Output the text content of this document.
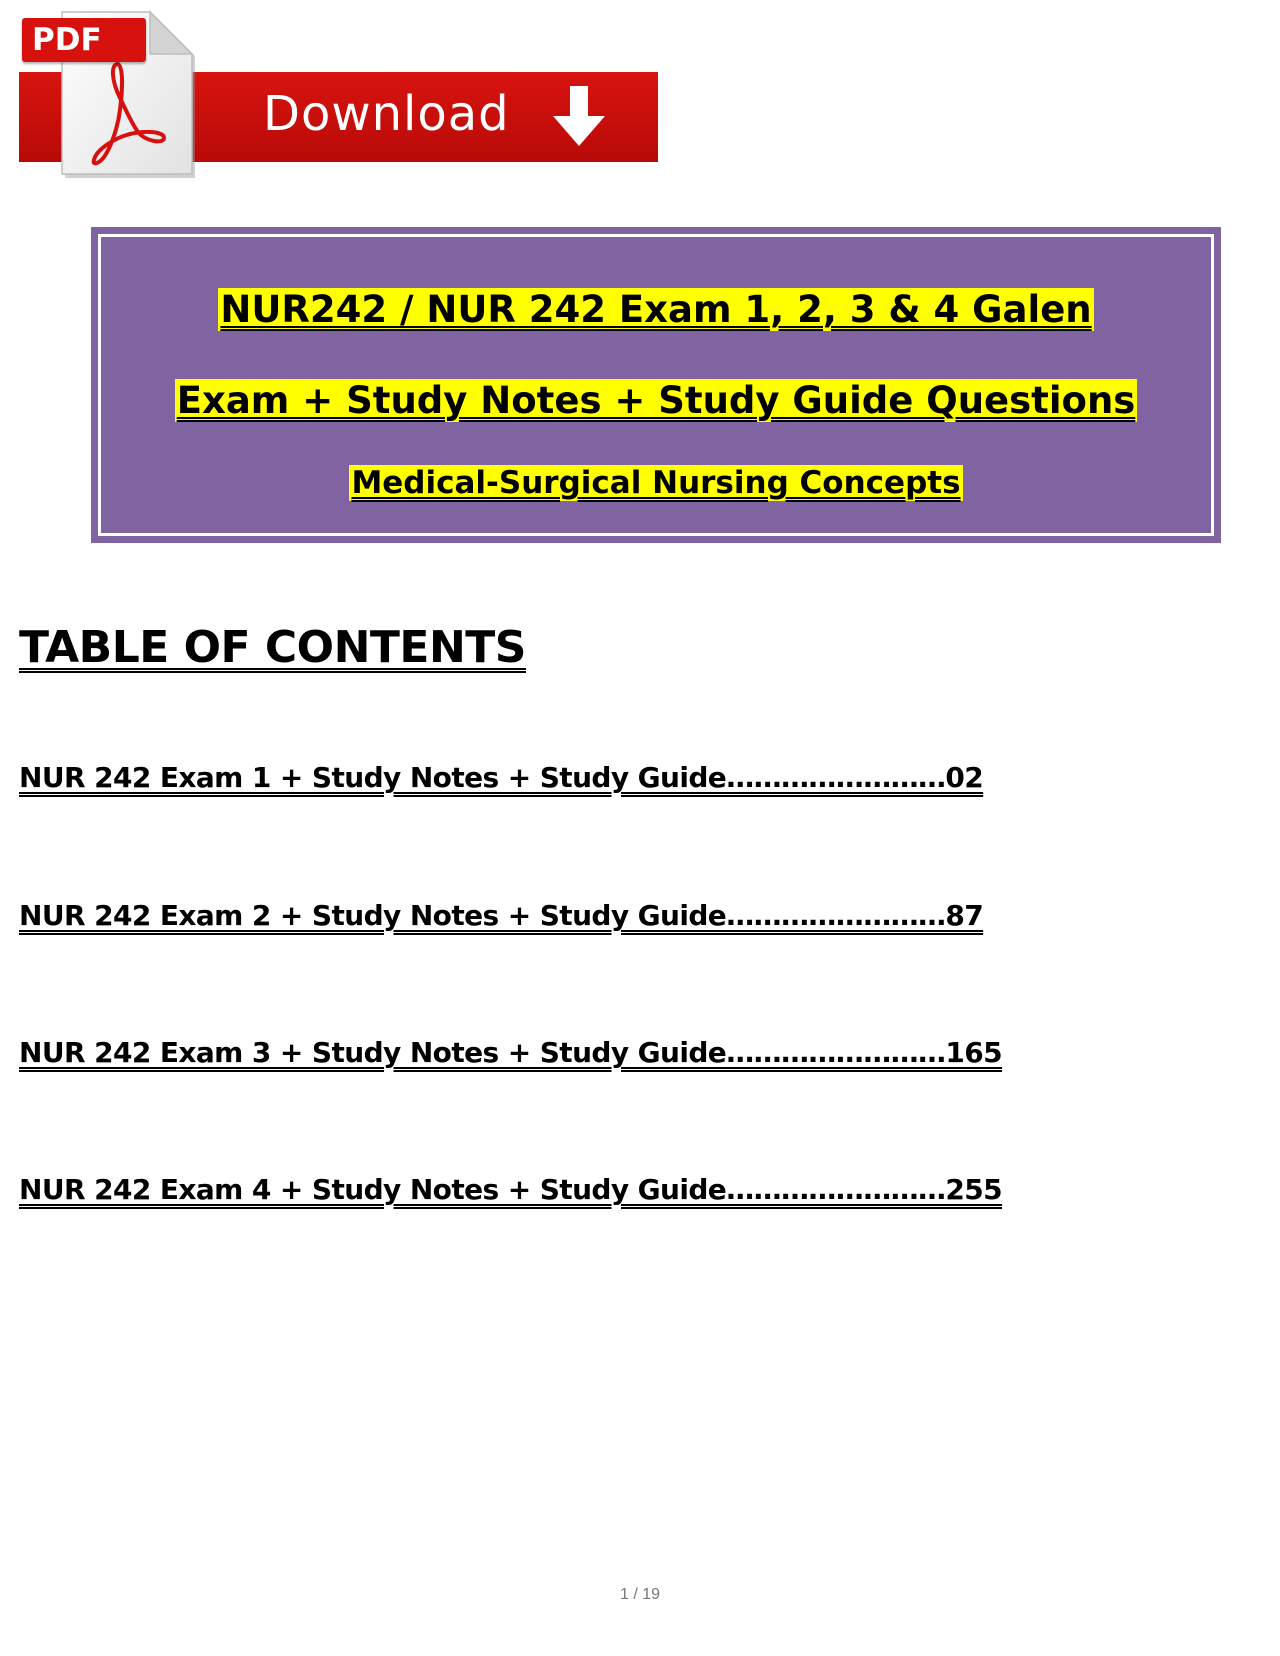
Download
PDF
NUR242 / NUR 242 Exam 1, 2, 3 & 4 Galen
Exam + Study Notes + Study Guide Questions
Medical-Surgical Nursing Concepts
TABLE OF CONTENTS
NUR 242 Exam 1 + Study Notes + Study Guide……………………02
NUR 242 Exam 2 + Study Notes + Study Guide……………………87
NUR 242 Exam 3 + Study Notes + Study Guide……………………165
NUR 242 Exam 4 + Study Notes + Study Guide……………………255
1 / 19
